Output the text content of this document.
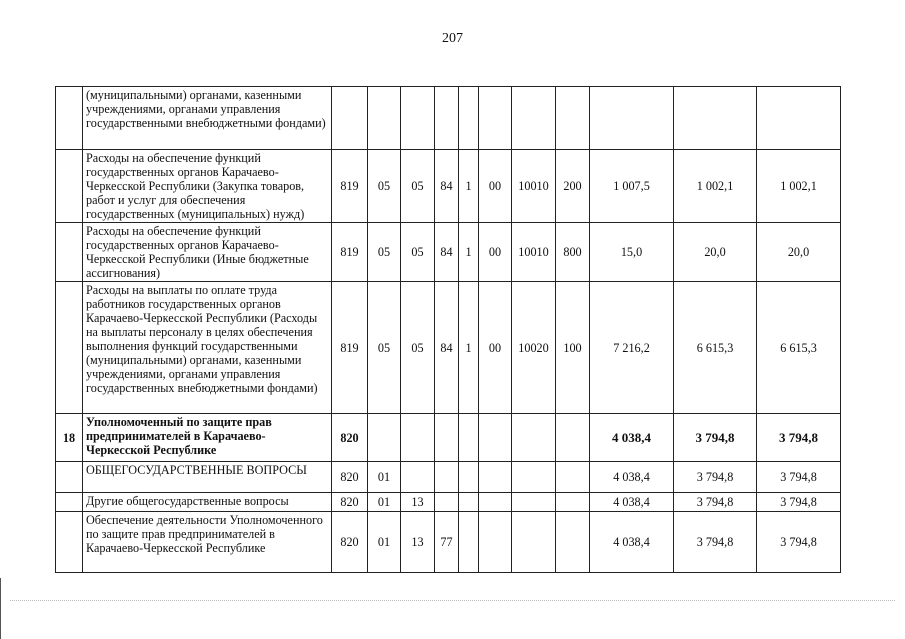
207
	(муниципальными) органами, казенными учреждениями, органами управления государственными внебюджетными фондами)											
	Расходы на обеспечение функций государственных органов Карачаево-Черкесской Республики (Закупка товаров, работ и услуг для обеспечения государственных (муниципальных) нужд)	819	05	05	84	1	00	10010	200	1 007,5	1 002,1	1 002,1
	Расходы на обеспечение функций государственных органов Карачаево-Черкесской Республики (Иные бюджетные ассигнования)	819	05	05	84	1	00	10010	800	15,0	20,0	20,0
	Расходы на выплаты по оплате труда работников государственных органов Карачаево-Черкесской Республики (Расходы на выплаты персоналу в целях обеспечения выполнения функций государственными (муниципальными) органами, казенными учреждениями, органами управления государственных внебюджетными фондами)	819	05	05	84	1	00	10020	100	7 216,2	6 615,3	6 615,3
18	Уполномоченный по защите прав предпринимателей в Карачаево-Черкесской Республике	820								4 038,4	3 794,8	3 794,8
	ОБЩЕГОСУДАРСТВЕННЫЕ ВОПРОСЫ	820	01							4 038,4	3 794,8	3 794,8
	Другие общегосударственные вопросы	820	01	13						4 038,4	3 794,8	3 794,8
	Обеспечение деятельности Уполномоченного по защите прав предпринимателей в Карачаево-Черкесской Республике	820	01	13	77					4 038,4	3 794,8	3 794,8
